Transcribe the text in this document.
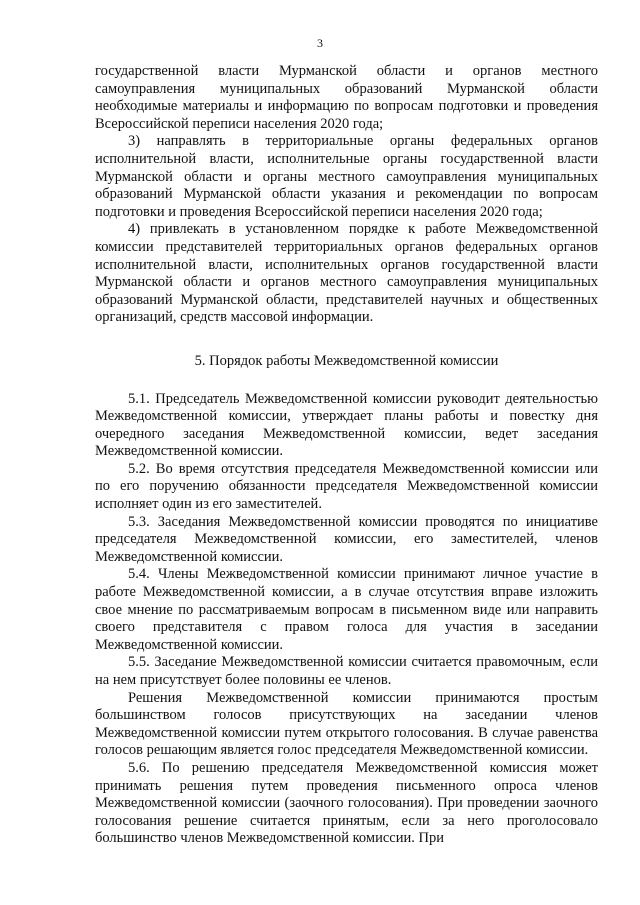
3

государственной власти Мурманской области и органов местного самоуправления муниципальных образований Мурманской области необходимые материалы и информацию по вопросам подготовки и проведения Всероссийской переписи населения 2020 года;

3) направлять в территориальные органы федеральных органов исполнительной власти, исполнительные органы государственной власти Мурманской области и органы местного самоуправления муниципальных образований Мурманской области указания и рекомендации по вопросам подготовки и проведения Всероссийской переписи населения 2020 года;

4) привлекать в установленном порядке к работе Межведомственной комиссии представителей территориальных органов федеральных органов исполнительной власти, исполнительных органов государственной власти Мурманской области и органов местного самоуправления муниципальных образований Мурманской области, представителей научных и общественных организаций, средств массовой информации.

5. Порядок работы Межведомственной комиссии

5.1. Председатель Межведомственной комиссии руководит деятельностью Межведомственной комиссии, утверждает планы работы и повестку дня очередного заседания Межведомственной комиссии, ведет заседания Межведомственной комиссии.

5.2. Во время отсутствия председателя Межведомственной комиссии или по его поручению обязанности председателя Межведомственной комиссии исполняет один из его заместителей.

5.3. Заседания Межведомственной комиссии проводятся по инициативе председателя Межведомственной комиссии, его заместителей, членов Межведомственной комиссии.

5.4. Члены Межведомственной комиссии принимают личное участие в работе Межведомственной комиссии, а в случае отсутствия вправе изложить свое мнение по рассматриваемым вопросам в письменном виде или направить своего представителя с правом голоса для участия в заседании Межведомственной комиссии.

5.5. Заседание Межведомственной комиссии считается правомочным, если на нем присутствует более половины ее членов.

Решения Межведомственной комиссии принимаются простым большинством голосов присутствующих на заседании членов Межведомственной комиссии путем открытого голосования. В случае равенства голосов решающим является голос председателя Межведомственной комиссии.

5.6. По решению председателя Межведомственной комиссия может принимать решения путем проведения письменного опроса членов Межведомственной комиссии (заочного голосования). При проведении заочного голосования решение считается принятым, если за него проголосовало большинство членов Межведомственной комиссии. При
